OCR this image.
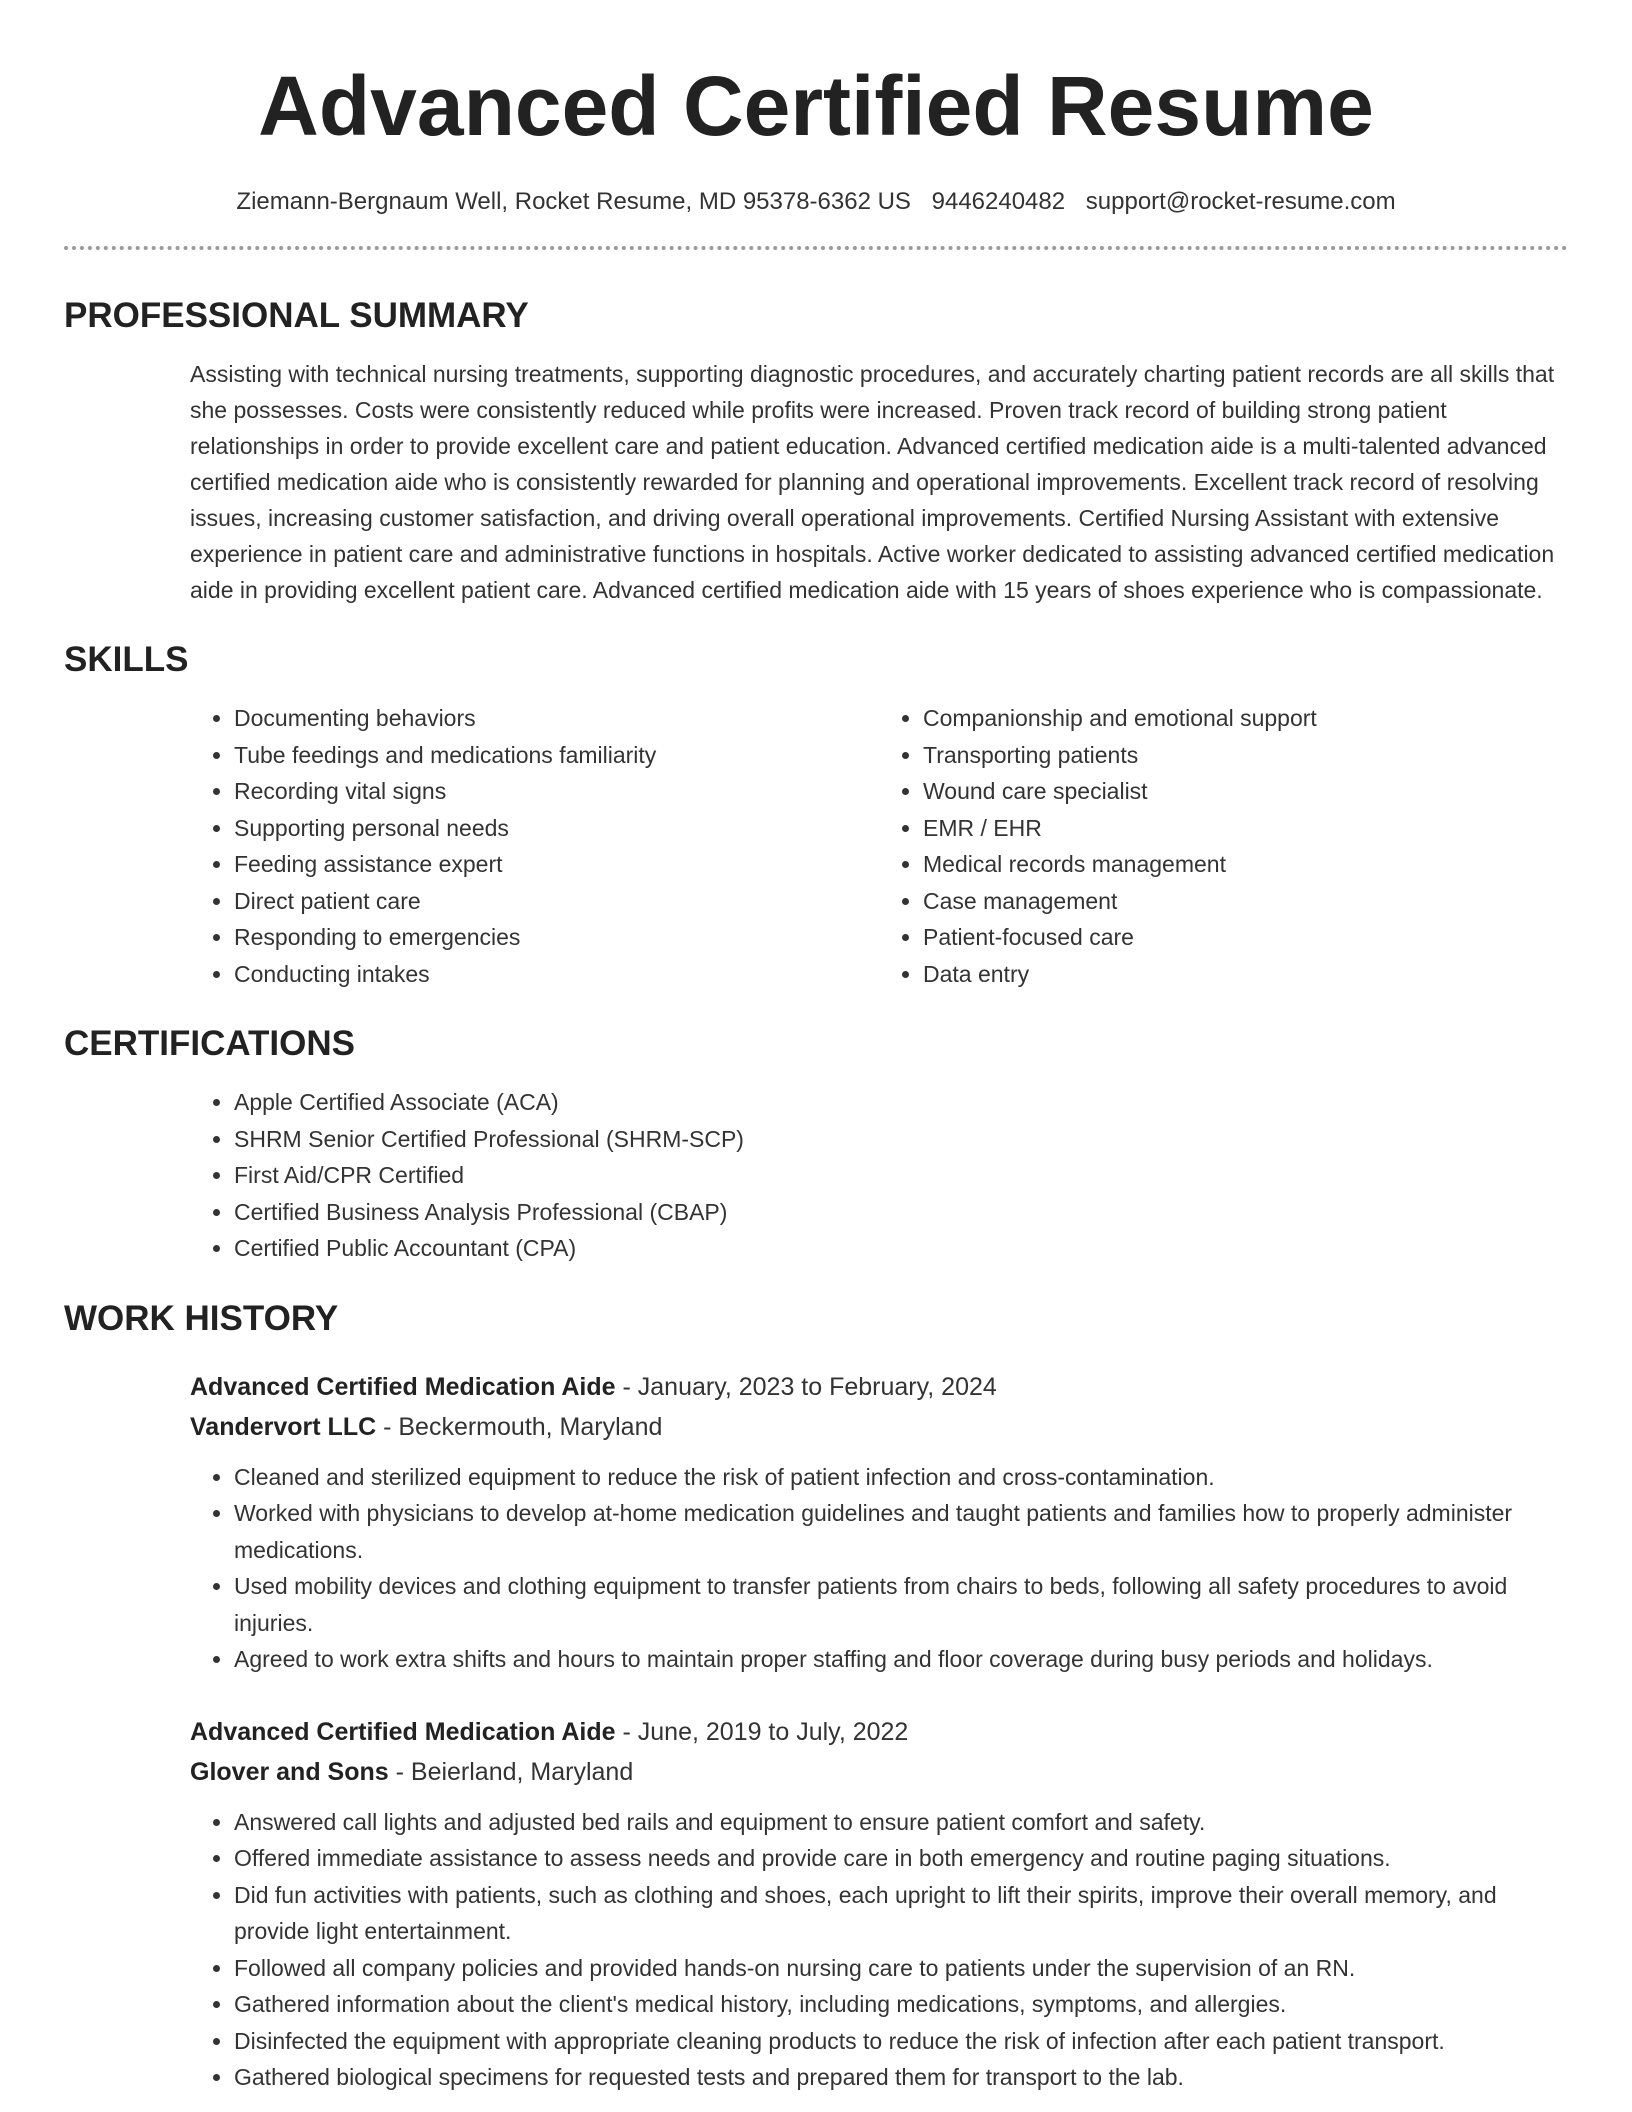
Advanced Certified Resume
Ziemann-Bergnaum Well, Rocket Resume, MD 95378-6362 US 9446240482 support@rocket-resume.com
PROFESSIONAL SUMMARY
Assisting with technical nursing treatments, supporting diagnostic procedures, and accurately charting patient records are all skills that she possesses. Costs were consistently reduced while profits were increased. Proven track record of building strong patient relationships in order to provide excellent care and patient education. Advanced certified medication aide is a multi-talented advanced certified medication aide who is consistently rewarded for planning and operational improvements. Excellent track record of resolving issues, increasing customer satisfaction, and driving overall operational improvements. Certified Nursing Assistant with extensive experience in patient care and administrative functions in hospitals. Active worker dedicated to assisting advanced certified medication aide in providing excellent patient care. Advanced certified medication aide with 15 years of shoes experience who is compassionate.
SKILLS
• Documenting behaviors
• Tube feedings and medications familiarity
• Recording vital signs
• Supporting personal needs
• Feeding assistance expert
• Direct patient care
• Responding to emergencies
• Conducting intakes
• Companionship and emotional support
• Transporting patients
• Wound care specialist
• EMR / EHR
• Medical records management
• Case management
• Patient-focused care
• Data entry
CERTIFICATIONS
• Apple Certified Associate (ACA)
• SHRM Senior Certified Professional (SHRM-SCP)
• First Aid/CPR Certified
• Certified Business Analysis Professional (CBAP)
• Certified Public Accountant (CPA)
WORK HISTORY
Advanced Certified Medication Aide - January, 2023 to February, 2024
Vandervort LLC - Beckermouth, Maryland
• Cleaned and sterilized equipment to reduce the risk of patient infection and cross-contamination.
• Worked with physicians to develop at-home medication guidelines and taught patients and families how to properly administer medications.
• Used mobility devices and clothing equipment to transfer patients from chairs to beds, following all safety procedures to avoid injuries.
• Agreed to work extra shifts and hours to maintain proper staffing and floor coverage during busy periods and holidays.
Advanced Certified Medication Aide - June, 2019 to July, 2022
Glover and Sons - Beierland, Maryland
• Answered call lights and adjusted bed rails and equipment to ensure patient comfort and safety.
• Offered immediate assistance to assess needs and provide care in both emergency and routine paging situations.
• Did fun activities with patients, such as clothing and shoes, each upright to lift their spirits, improve their overall memory, and provide light entertainment.
• Followed all company policies and provided hands-on nursing care to patients under the supervision of an RN.
• Gathered information about the client's medical history, including medications, symptoms, and allergies.
• Disinfected the equipment with appropriate cleaning products to reduce the risk of infection after each patient transport.
• Gathered biological specimens for requested tests and prepared them for transport to the lab.
